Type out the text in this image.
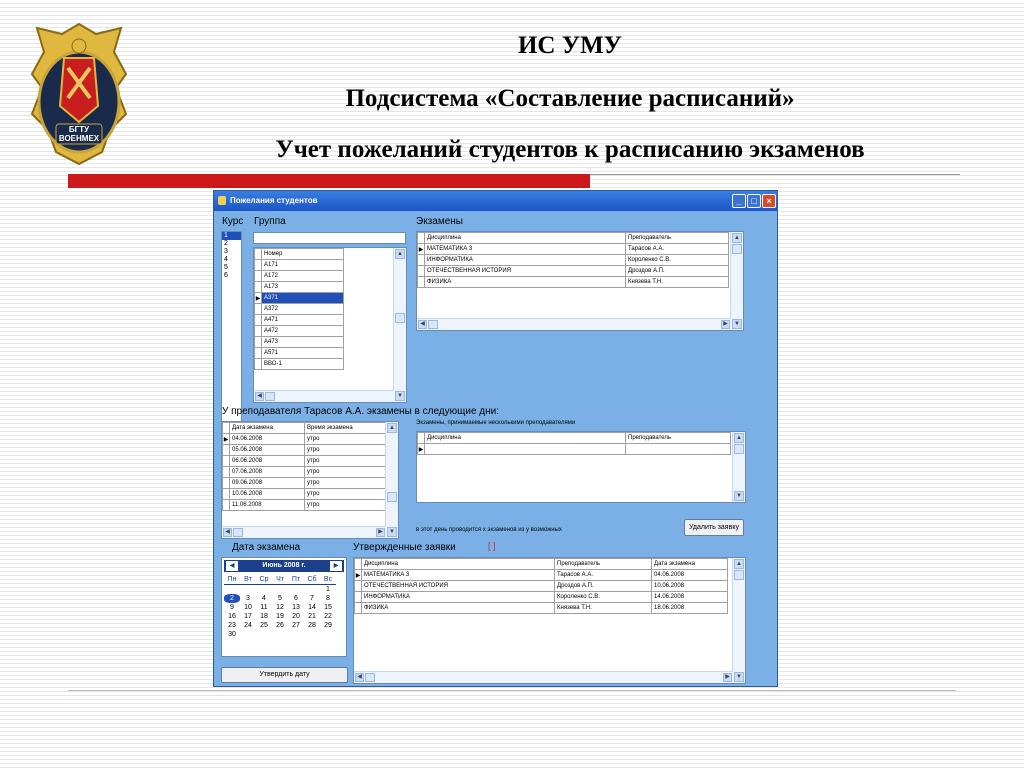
БГТУ
ВОЕНМЕХ
ИС УМУ
Подсистема «Составление расписаний»
Учет пожеланий студентов к расписанию экзаменов
Пожелания студентов	_	□	×
Курс Группа	Экзамены
1
2
3
4
5
6
	Номер
	А171
	А172
	А173
▶	А371
	А372
	А471
	А472
	А473
	А571
	ВВО-1
▲
▼
◀
	Дисциплина	Преподаватель
▶	МАТЕМАТИКА 3	Тарасов А.А.
	ИНФОРМАТИКА	Короленко С.В.
	ОТЕЧЕСТВЕННАЯ ИСТОРИЯ	Дроздов А.П.
	ФИЗИКА	Князева Т.Н.
▲
▼
◀	▶
У преподавателя Тарасов А.А. экзамены в следующие дни:
	Дата экзамена	Время экзамена
▶	04.06.2008	утро
	05.06.2008	утро
	06.06.2008	утро
	07.06.2008	утро
	09.06.2008	утро
	10.06.2008	утро
	11.06.2008	утро
▲
▼
◀	▶
Экзамены, принимаемые несколькими преподавателями
	Дисциплина	Преподаватель
▶		
▲
▼
в этот день проводится х экзаменов из у возможных	Удалить заявку
Дата экзамена
◀	Июнь 2008 г.	▶
Пн	Вт	Ср	Чт	Пт	Сб	Вс
						1
2	3	4	5	6	7	8
9	10	11	12	13	14	15
16	17	18	19	20	21	22
23	24	25	26	27	28	29
30						
Утвердить дату
Утвержденные заявки	[ ]
	Дисциплина	Преподаватель	Дата экзамена
▶	МАТЕМАТИКА 3	Тарасов А.А.	04.06.2008
	ОТЕЧЕСТВЕННАЯ ИСТОРИЯ	Дроздов А.П.	10.06.2008
	ИНФОРМАТИКА	Короленко С.В.	14.06.2008
	ФИЗИКА	Князева Т.Н.	18.06.2008
▲
▼
◀	▶
